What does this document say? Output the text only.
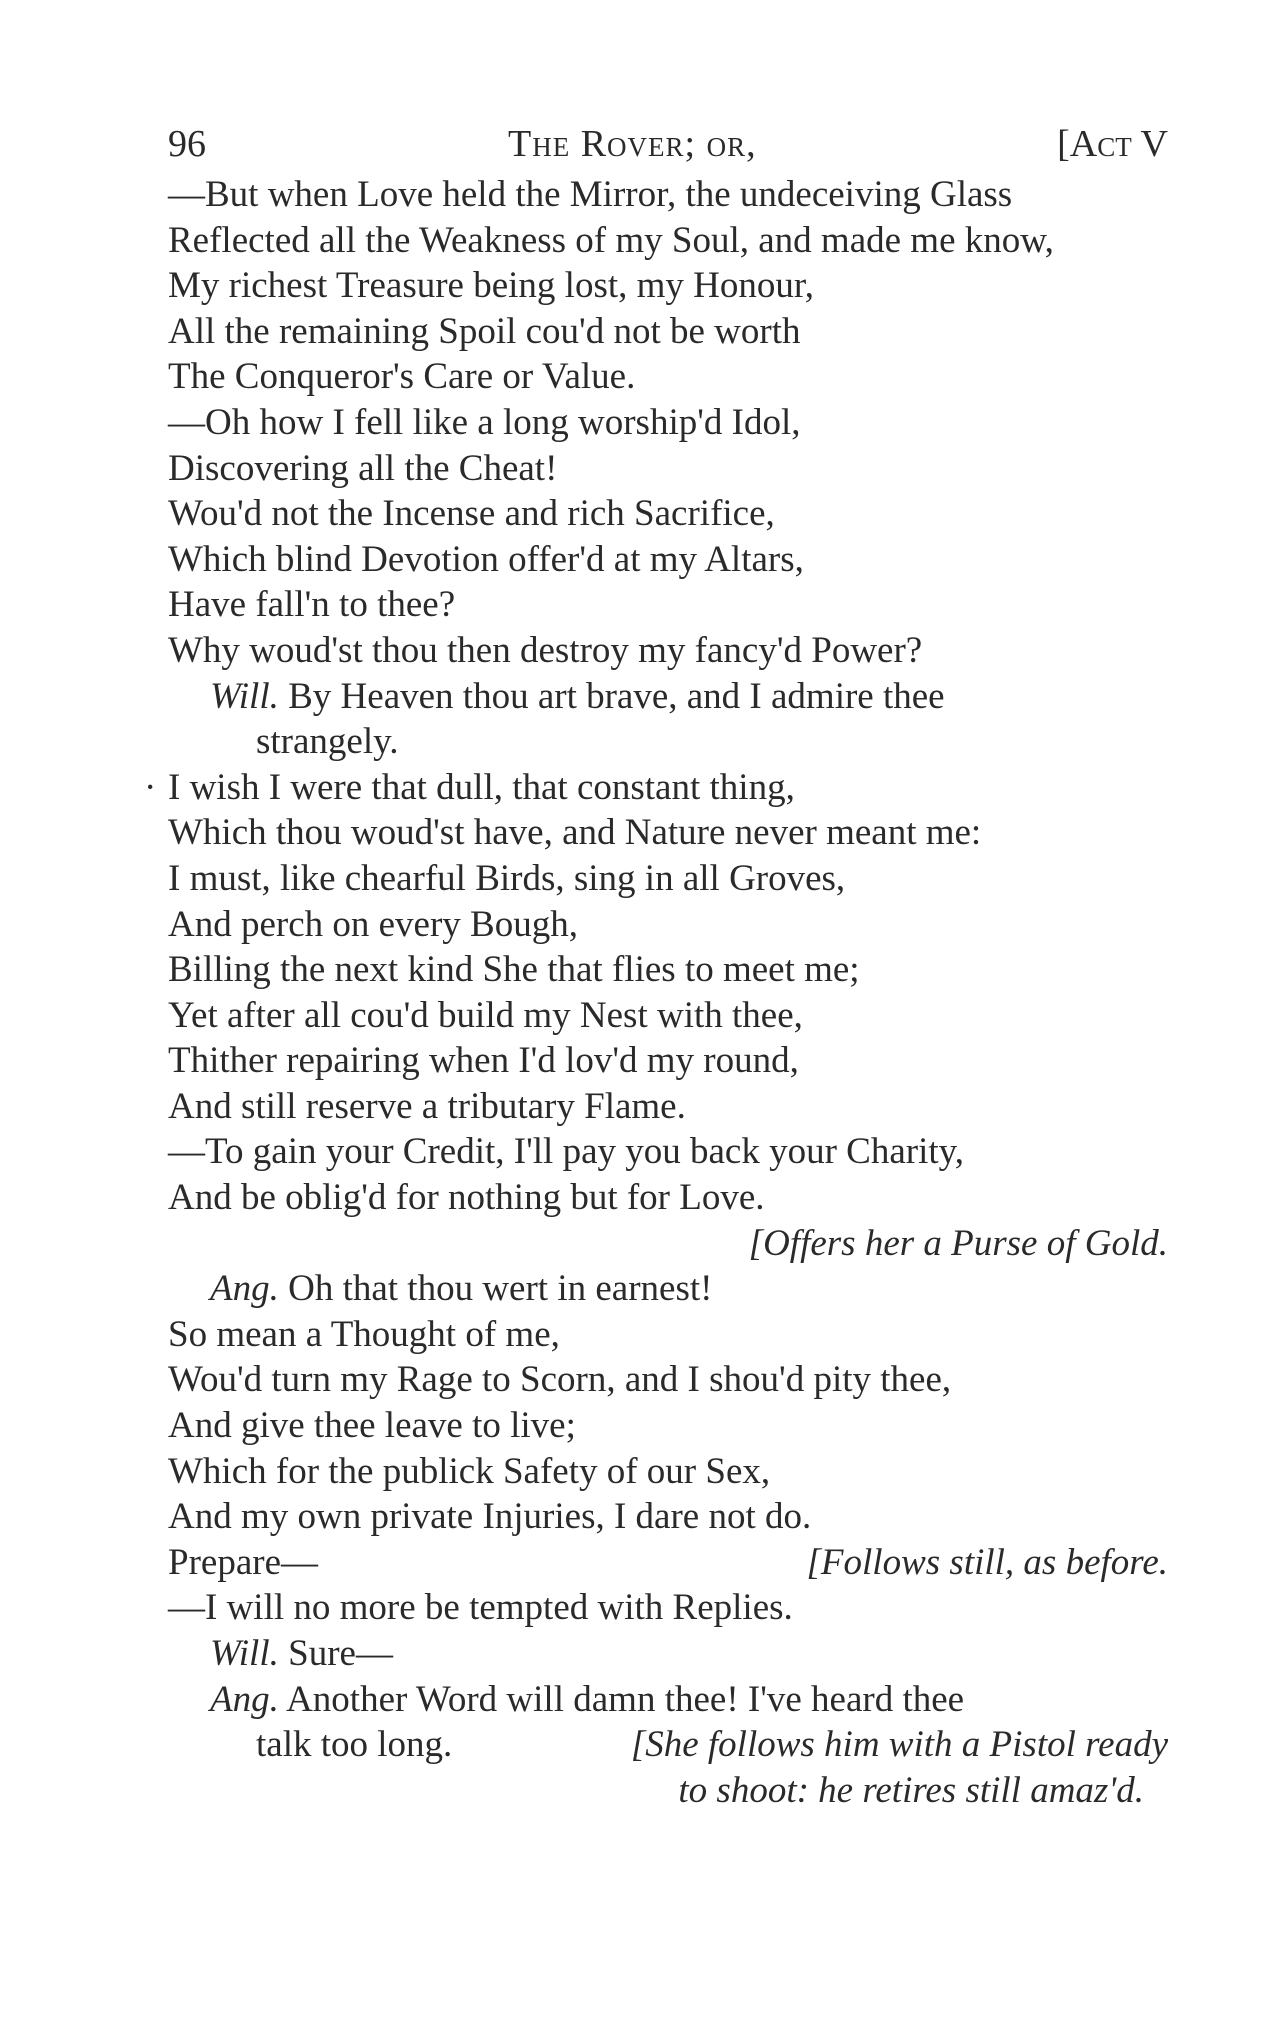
96	The Rover; or,	[Act V
—But when Love held the Mirror, the undeceiving Glass
Reflected all the Weakness of my Soul, and made me know,
My richest Treasure being lost, my Honour,
All the remaining Spoil cou'd not be worth
The Conqueror's Care or Value.
—Oh how I fell like a long worship'd Idol,
Discovering all the Cheat!
Wou'd not the Incense and rich Sacrifice,
Which blind Devotion offer'd at my Altars,
Have fall'n to thee?
Why woud'st thou then destroy my fancy'd Power?
Will. By Heaven thou art brave, and I admire thee
strangely.
· I wish I were that dull, that constant thing,
Which thou woud'st have, and Nature never meant me:
I must, like chearful Birds, sing in all Groves,
And perch on every Bough,
Billing the next kind She that flies to meet me;
Yet after all cou'd build my Nest with thee,
Thither repairing when I'd lov'd my round,
And still reserve a tributary Flame.
—To gain your Credit, I'll pay you back your Charity,
And be oblig'd for nothing but for Love.
[Offers her a Purse of Gold.
Ang. Oh that thou wert in earnest!
So mean a Thought of me,
Wou'd turn my Rage to Scorn, and I shou'd pity thee,
And give thee leave to live;
Which for the publick Safety of our Sex,
And my own private Injuries, I dare not do.
Prepare—	[Follows still, as before.
—I will no more be tempted with Replies.
Will. Sure—
Ang. Another Word will damn thee! I've heard thee
talk too long.	[She follows him with a Pistol ready
to shoot: he retires still amaz'd.
